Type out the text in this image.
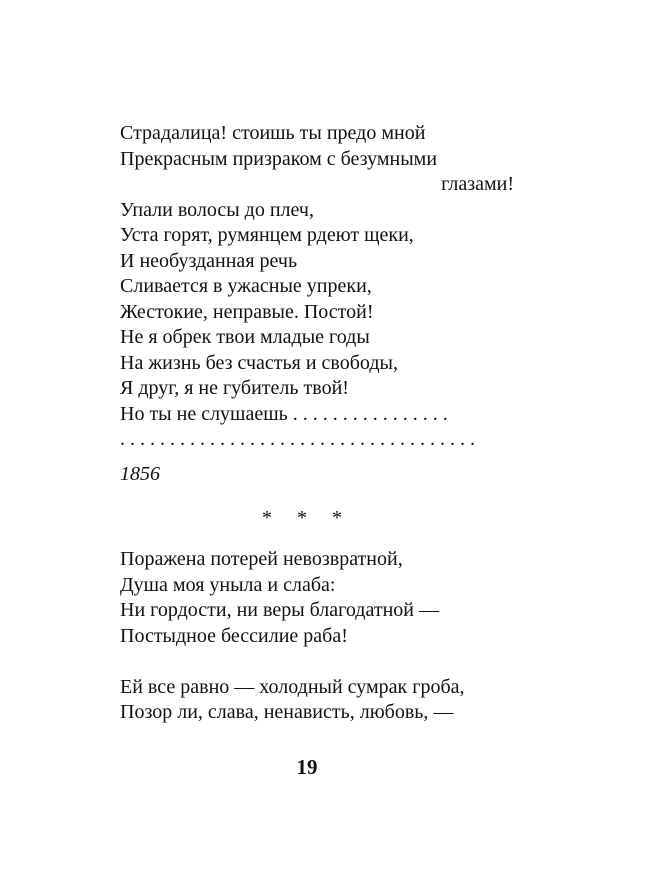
Страдалица! стоишь ты предо мной
Прекрасным призраком с безумными
глазами!
Упали волосы до плеч,
Уста горят, румянцем рдеют щеки,
И необузданная речь
Сливается в ужасные упреки,
Жестокие, неправые. Постой!
Не я обрек твои младые годы
На жизнь без счастья и свободы,
Я друг, я не губитель твой!
Но ты не слушаешь . . . . . . . . . . . . . . . .
. . . . . . . . . . . . . . . . . . . . . . . . . . . . . . . . . . . .
1856
* * *
Поражена потерей невозвратной,
Душа моя уныла и слаба:
Ни гордости, ни веры благодатной —
Постыдное бессилие раба!
Ей все равно — холодный сумрак гроба,
Позор ли, слава, ненависть, любовь, —
19
